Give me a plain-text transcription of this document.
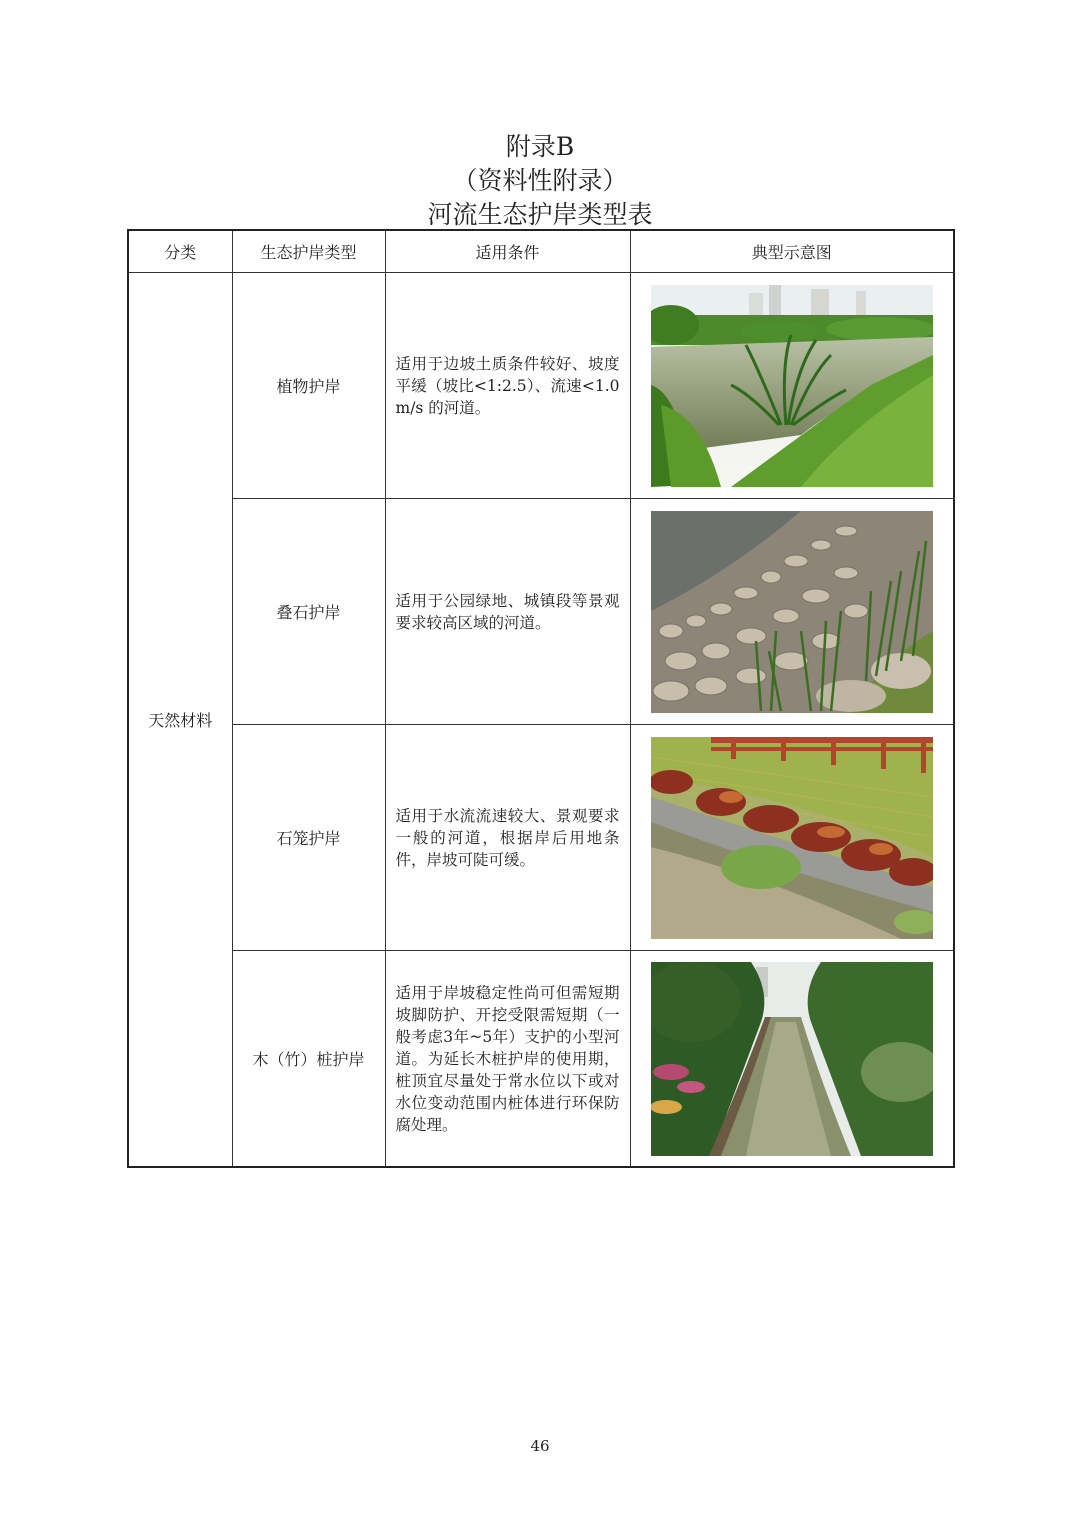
附录B
（资料性附录）
河流生态护岸类型表
分类	生态护岸类型	适用条件	典型示意图
天然材料	植物护岸	适用于边坡土质条件较好、坡度平缓（坡比<1:2.5）、流速<1.0 m/s 的河道。	

	叠石护岸	适用于公园绿地、城镇段等景观要求较高区域的河道。	

	石笼护岸	适用于水流流速较大、景观要求一般的河道，根据岸后用地条件，岸坡可陡可缓。	

	木（竹）桩护岸	适用于岸坡稳定性尚可但需短期坡脚防护、开挖受限需短期（一般考虑3年~5年）支护的小型河道。为延长木桩护岸的使用期，桩顶宜尽量处于常水位以下或对水位变动范围内桩体进行环保防腐处理。	
46
